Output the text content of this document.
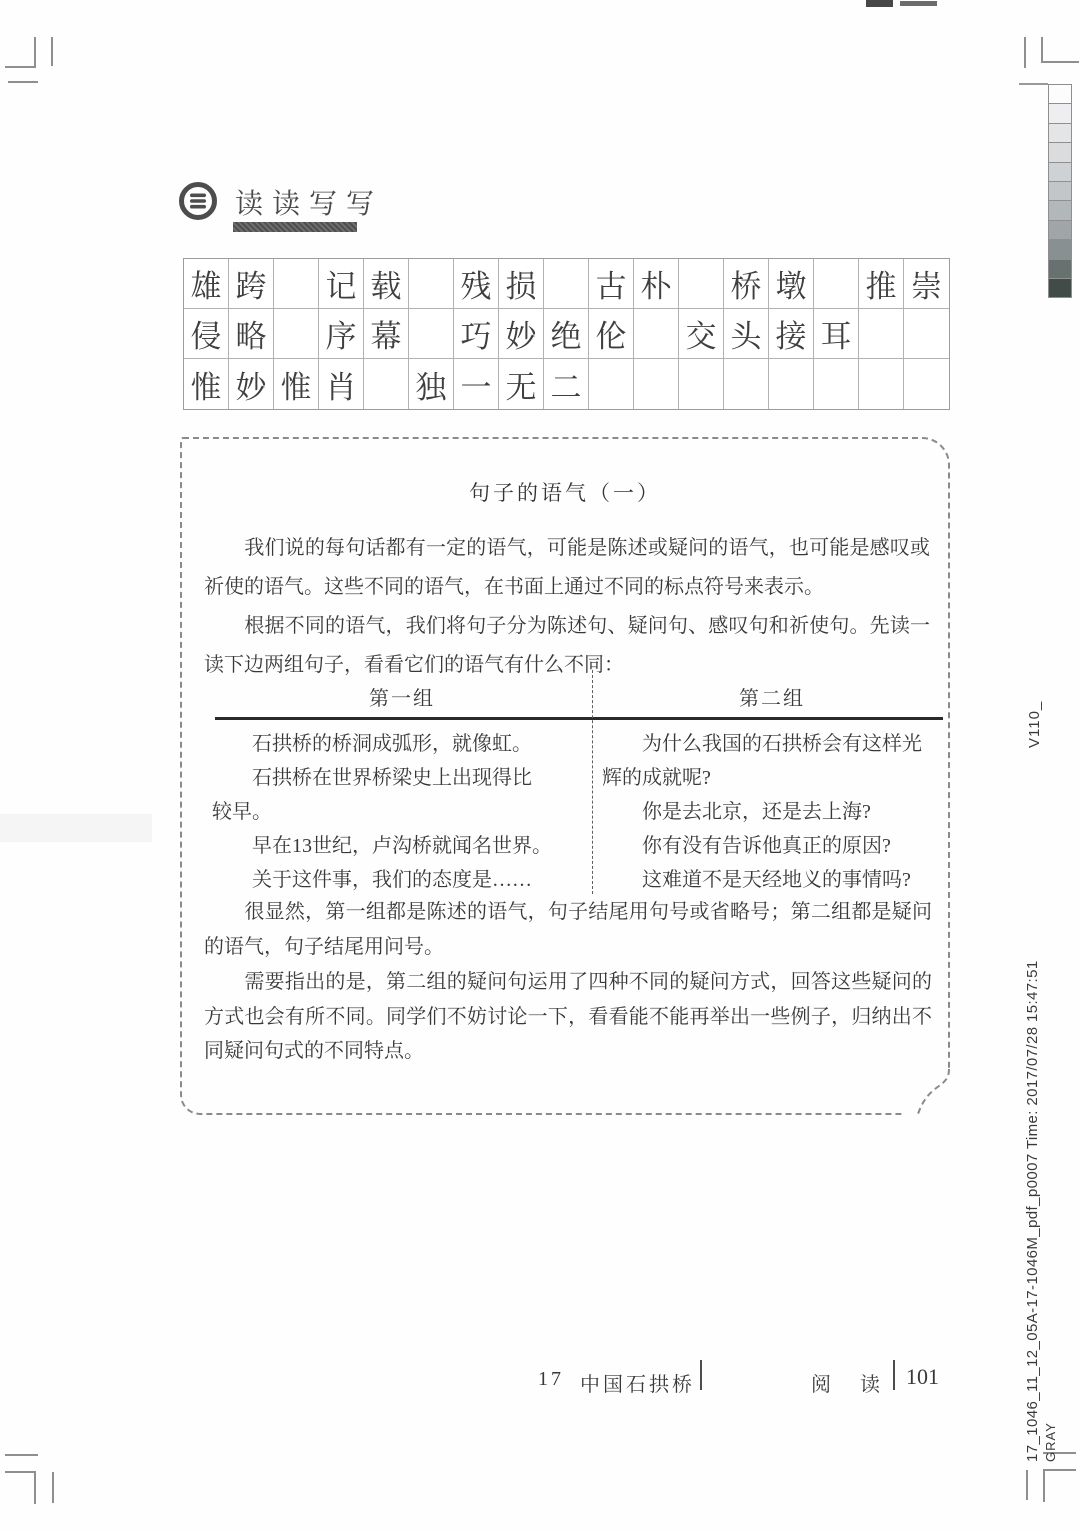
读读写写
雄 跨 记 载 残 损 古 朴 桥 墩 推 崇
侵 略 序 幕 巧 妙 绝 伦 交 头 接 耳
惟 妙 惟 肖 独 一 无 二
句子的语气（一）

　　我们说的每句话都有一定的语气，可能是陈述或疑问的语气，也可能是感叹或祈使的语气。这些不同的语气，在书面上通过不同的标点符号来表示。

　　根据不同的语气，我们将句子分为陈述句、疑问句、感叹句和祈使句。先读一读下边两组句子，看看它们的语气有什么不同：

第一组	第二组
　　石拱桥的桥洞成弧形，就像虹。
　　石拱桥在世界桥梁史上出现得比
较早。
　　早在13世纪，卢沟桥就闻名世界。
　　关于这件事，我们的态度是……
　　为什么我国的石拱桥会有这样光
辉的成就呢?
　　你是去北京，还是去上海?
　　你有没有告诉他真正的原因?
　　这难道不是天经地义的事情吗?

　　很显然，第一组都是陈述的语气，句子结尾用句号或省略号；第二组都是疑问的语气，句子结尾用问号。

　　需要指出的是，第二组的疑问句运用了四种不同的疑问方式，回答这些疑问的方式也会有所不同。同学们不妨讨论一下，看看能不能再举出一些例子，归纳出不同疑问句式的不同特点。

17 中国石拱桥	阅 读 101
V110_
17_1046_11_12_05A-17-1046M_pdf_p0007 Time: 2017/07/28 15:47:51 GRAY
